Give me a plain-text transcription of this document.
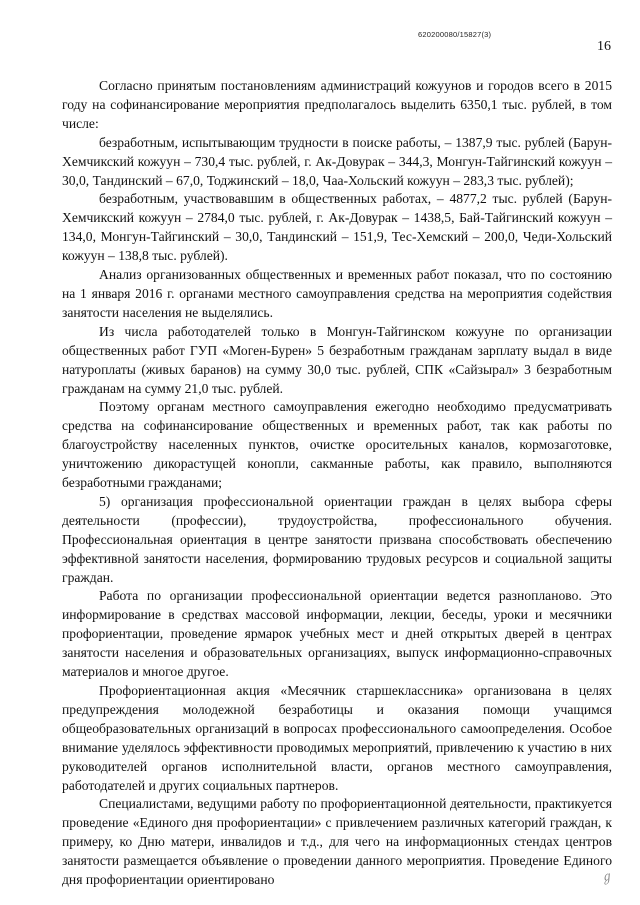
620200080/15827(3)
16

Согласно принятым постановлениям администраций кожуунов и городов всего в 2015 году на софинансирование мероприятия предполагалось выделить 6350,1 тыс. рублей, в том числе:

безработным, испытывающим трудности в поиске работы, – 1387,9 тыс. рублей (Барун-Хемчикский кожуун – 730,4 тыс. рублей, г. Ак-Довурак – 344,3, Монгун-Тайгинский кожуун – 30,0, Тандинский – 67,0, Тоджинский – 18,0, Чаа-Хольский кожуун – 283,3 тыс. рублей);

безработным, участвовавшим в общественных работах, – 4877,2 тыс. рублей (Барун-Хемчикский кожуун – 2784,0 тыс. рублей, г. Ак-Довурак – 1438,5, Бай-Тайгинский кожуун – 134,0, Монгун-Тайгинский – 30,0, Тандинский – 151,9, Тес-Хемский – 200,0, Чеди-Хольский кожуун – 138,8 тыс. рублей).

Анализ организованных общественных и временных работ показал, что по состоянию на 1 января 2016 г. органами местного самоуправления средства на мероприятия содействия занятости населения не выделялись.

Из числа работодателей только в Монгун-Тайгинском кожууне по организации общественных работ ГУП «Моген-Бурен» 5 безработным гражданам зарплату выдал в виде натуроплаты (живых баранов) на сумму 30,0 тыс. рублей, СПК «Сайзырал» 3 безработным гражданам на сумму 21,0 тыс. рублей.

Поэтому органам местного самоуправления ежегодно необходимо предусматривать средства на софинансирование общественных и временных работ, так как работы по благоустройству населенных пунктов, очистке оросительных каналов, кормозаготовке, уничтожению дикорастущей конопли, сакманные работы, как правило, выполняются безработными гражданами;

5) организация профессиональной ориентации граждан в целях выбора сферы деятельности (профессии), трудоустройства, профессионального обучения. Профессиональная ориентация в центре занятости призвана способствовать обеспечению эффективной занятости населения, формированию трудовых ресурсов и социальной защиты граждан.

Работа по организации профессиональной ориентации ведется разнопланово. Это информирование в средствах массовой информации, лекции, беседы, уроки и месячники профориентации, проведение ярмарок учебных мест и дней открытых дверей в центрах занятости населения и образовательных организациях, выпуск информационно-справочных материалов и многое другое.

Профориентационная акция «Месячник старшеклассника» организована в целях предупреждения молодежной безработицы и оказания помощи учащимся общеобразовательных организаций в вопросах профессионального самоопределения. Особое внимание уделялось эффективности проводимых мероприятий, привлечению к участию в них руководителей органов исполнительной власти, органов местного самоуправления, работодателей и других социальных партнеров.

Специалистами, ведущими работу по профориентационной деятельности, практикуется проведение «Единого дня профориентации» с привлечением различных категорий граждан, к примеру, ко Дню матери, инвалидов и т.д., для чего на информационных стендах центров занятости размещается объявление о проведении данного мероприятия. Проведение Единого дня профориентации ориентировано	ℊ
